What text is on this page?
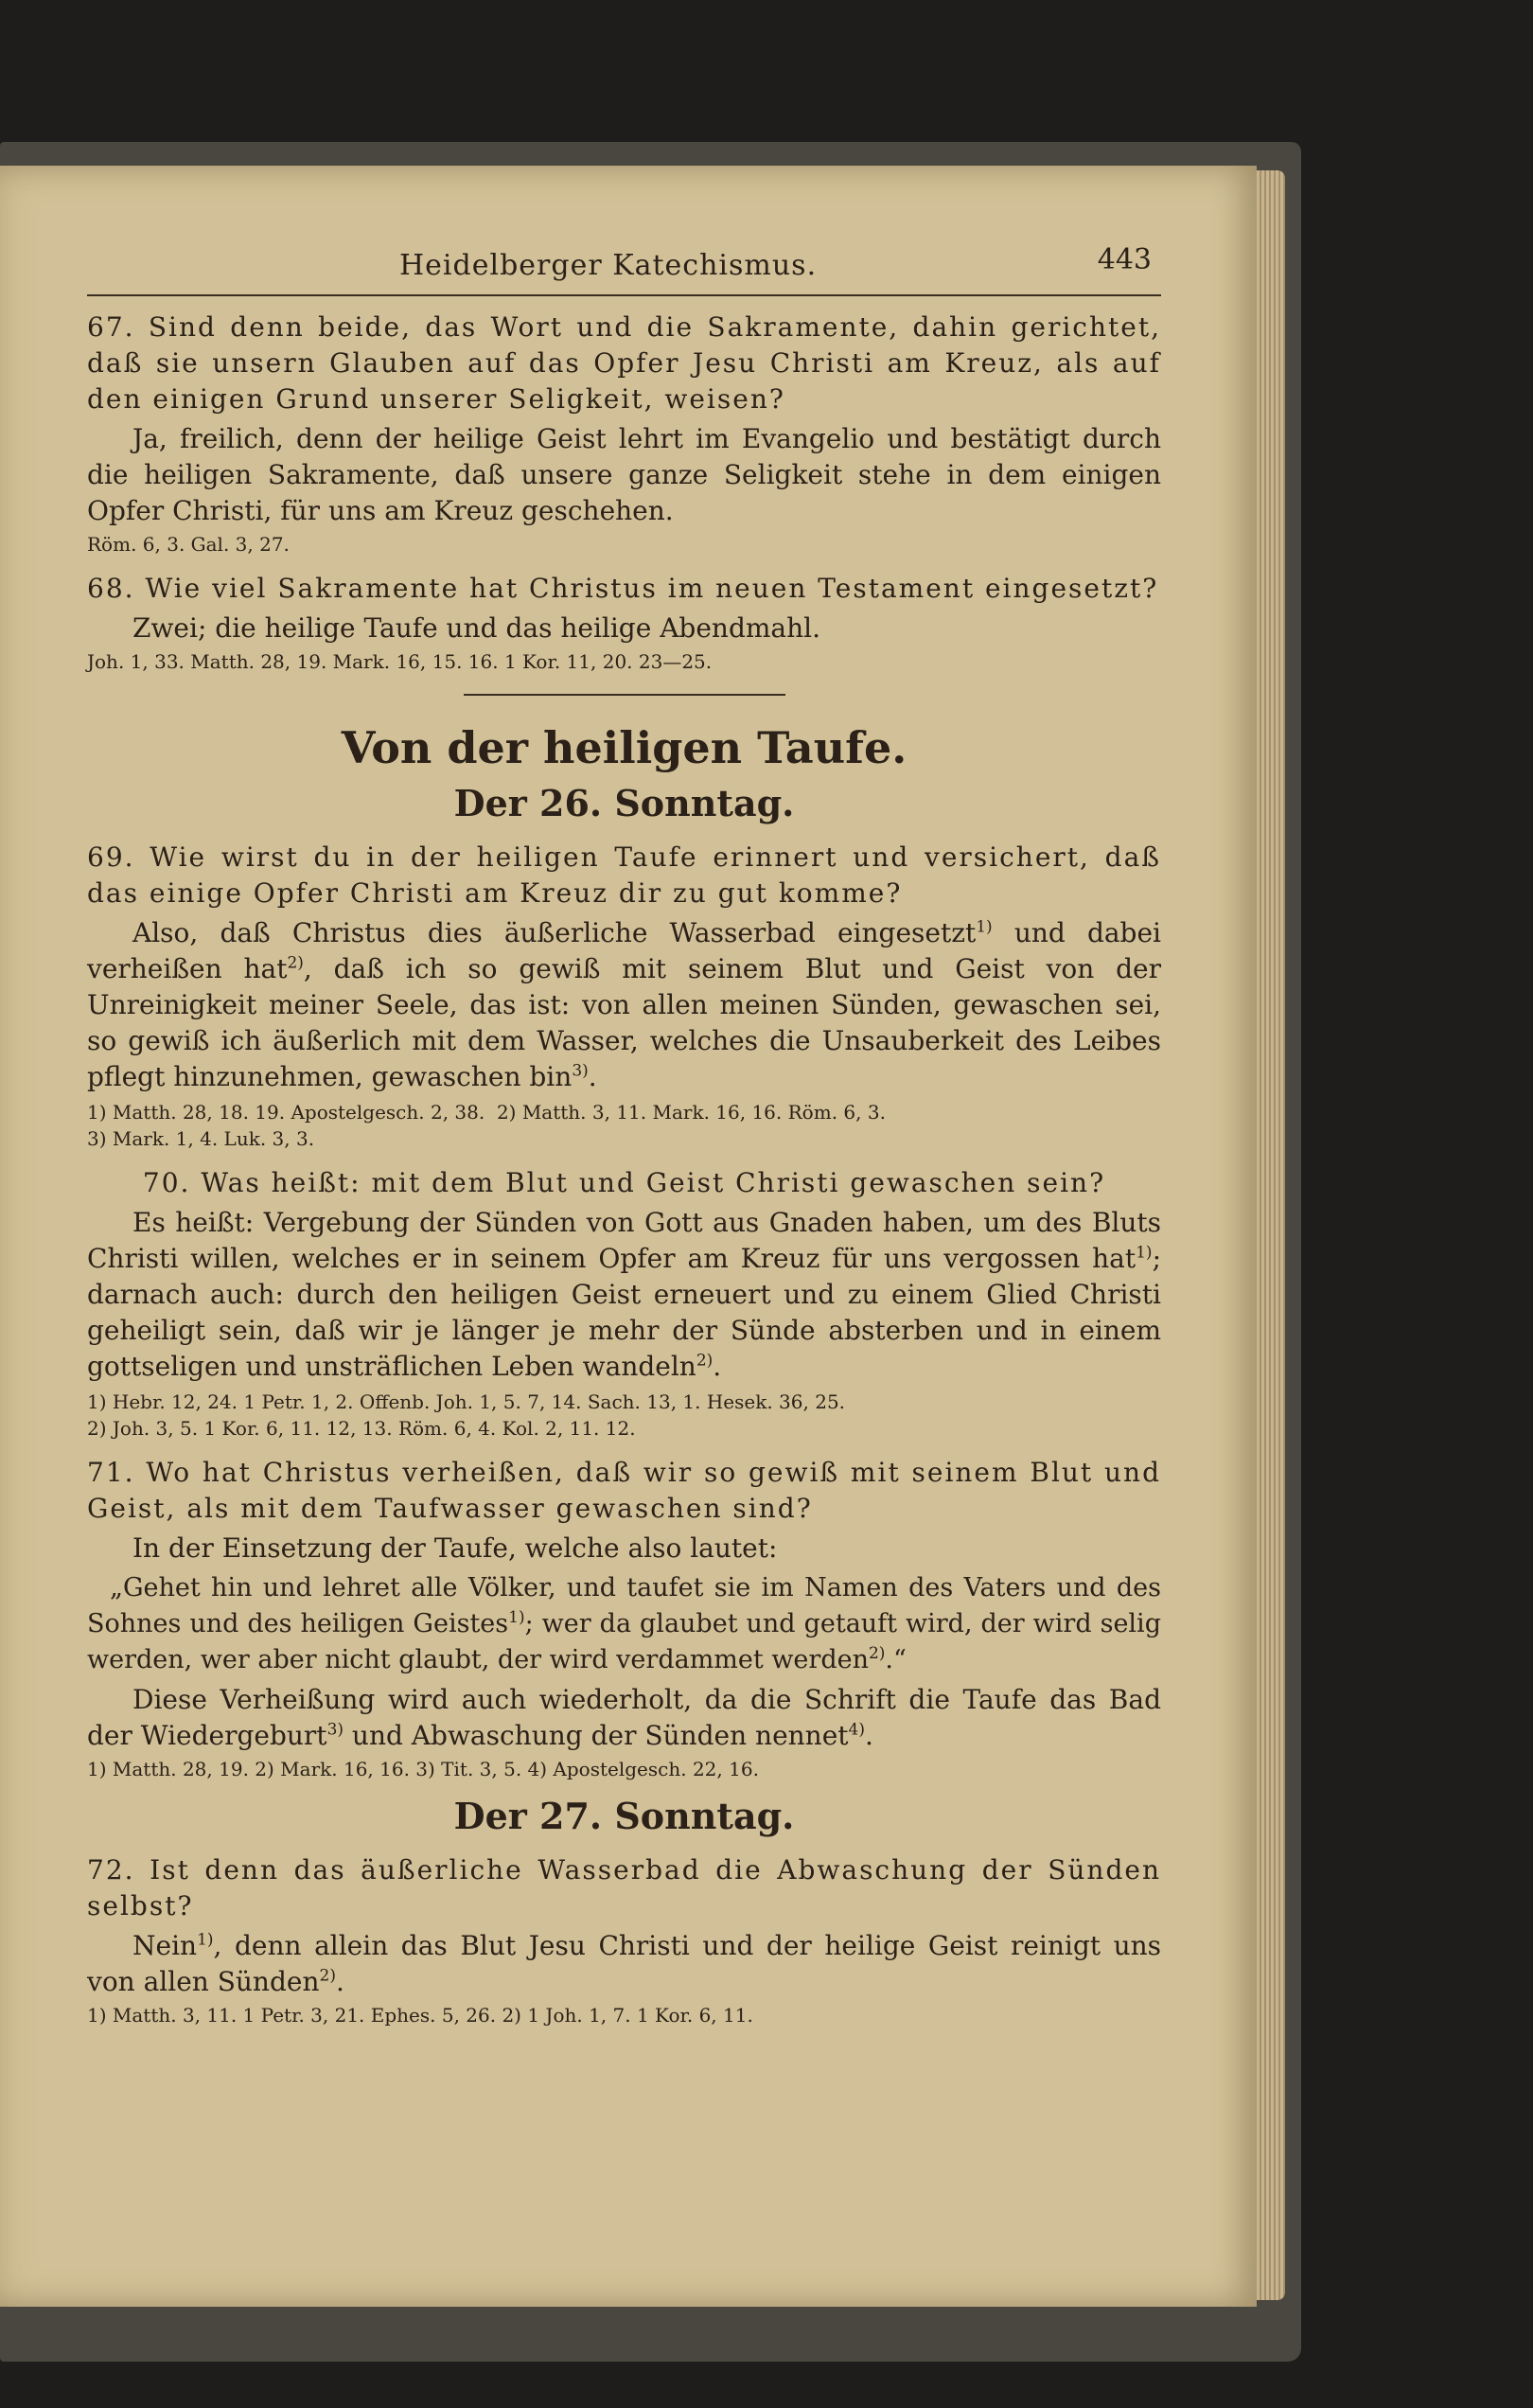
Heidelberger Katechismus.	443

67. Sind denn beide, das Wort und die Sakramente, dahin gerichtet, daß sie unsern Glauben auf das Opfer Jesu Christi am Kreuz, als auf den einigen Grund unserer Seligkeit, weisen?

Ja, freilich, denn der heilige Geist lehrt im Evangelio und bestätigt durch die heiligen Sakramente, daß unsere ganze Seligkeit stehe in dem einigen Opfer Christi, für uns am Kreuz geschehen.

Röm. 6, 3. Gal. 3, 27.

68. Wie viel Sakramente hat Christus im neuen Testament eingesetzt?

Zwei; die heilige Taufe und das heilige Abendmahl.

Joh. 1, 33. Matth. 28, 19. Mark. 16, 15. 16. 1 Kor. 11, 20. 23—25.

Von der heiligen Taufe.

Der 26. Sonntag.

69. Wie wirst du in der heiligen Taufe erinnert und versichert, daß das einige Opfer Christi am Kreuz dir zu gut komme?

Also, daß Christus dies äußerliche Wasserbad eingesetzt$^{1)}$ und dabei verheißen hat$^{2)}$, daß ich so gewiß mit seinem Blut und Geist von der Unreinigkeit meiner Seele, das ist: von allen meinen Sünden, gewaschen sei, so gewiß ich äußerlich mit dem Wasser, welches die Unsauberkeit des Leibes pflegt hinzunehmen, gewaschen bin$^{3)}$.

1) Matth. 28, 18. 19. Apostelgesch. 2, 38. 2) Matth. 3, 11. Mark. 16, 16. Röm. 6, 3.
3) Mark. 1, 4. Luk. 3, 3.

70. Was heißt: mit dem Blut und Geist Christi gewaschen sein?

Es heißt: Vergebung der Sünden von Gott aus Gnaden haben, um des Bluts Christi willen, welches er in seinem Opfer am Kreuz für uns vergossen hat$^{1)}$; darnach auch: durch den heiligen Geist erneuert und zu einem Glied Christi geheiligt sein, daß wir je länger je mehr der Sünde absterben und in einem gottseligen und unsträflichen Leben wandeln$^{2)}$.

1) Hebr. 12, 24. 1 Petr. 1, 2. Offenb. Joh. 1, 5. 7, 14. Sach. 13, 1. Hesek. 36, 25.
2) Joh. 3, 5. 1 Kor. 6, 11. 12, 13. Röm. 6, 4. Kol. 2, 11. 12.

71. Wo hat Christus verheißen, daß wir so gewiß mit seinem Blut und Geist, als mit dem Taufwasser gewaschen sind?

In der Einsetzung der Taufe, welche also lautet:

„Gehet hin und lehret alle Völker, und taufet sie im Namen des Vaters und des Sohnes und des heiligen Geistes$^{1)}$; wer da glaubet und getauft wird, der wird selig werden, wer aber nicht glaubt, der wird verdammet werden$^{2)}$.“

Diese Verheißung wird auch wiederholt, da die Schrift die Taufe das Bad der Wiedergeburt$^{3)}$ und Abwaschung der Sünden nennet$^{4)}$.

1) Matth. 28, 19. 2) Mark. 16, 16. 3) Tit. 3, 5. 4) Apostelgesch. 22, 16.

Der 27. Sonntag.

72. Ist denn das äußerliche Wasserbad die Abwaschung der Sünden selbst?

Nein$^{1)}$, denn allein das Blut Jesu Christi und der heilige Geist reinigt uns von allen Sünden$^{2)}$.

1) Matth. 3, 11. 1 Petr. 3, 21. Ephes. 5, 26. 2) 1 Joh. 1, 7. 1 Kor. 6, 11.
